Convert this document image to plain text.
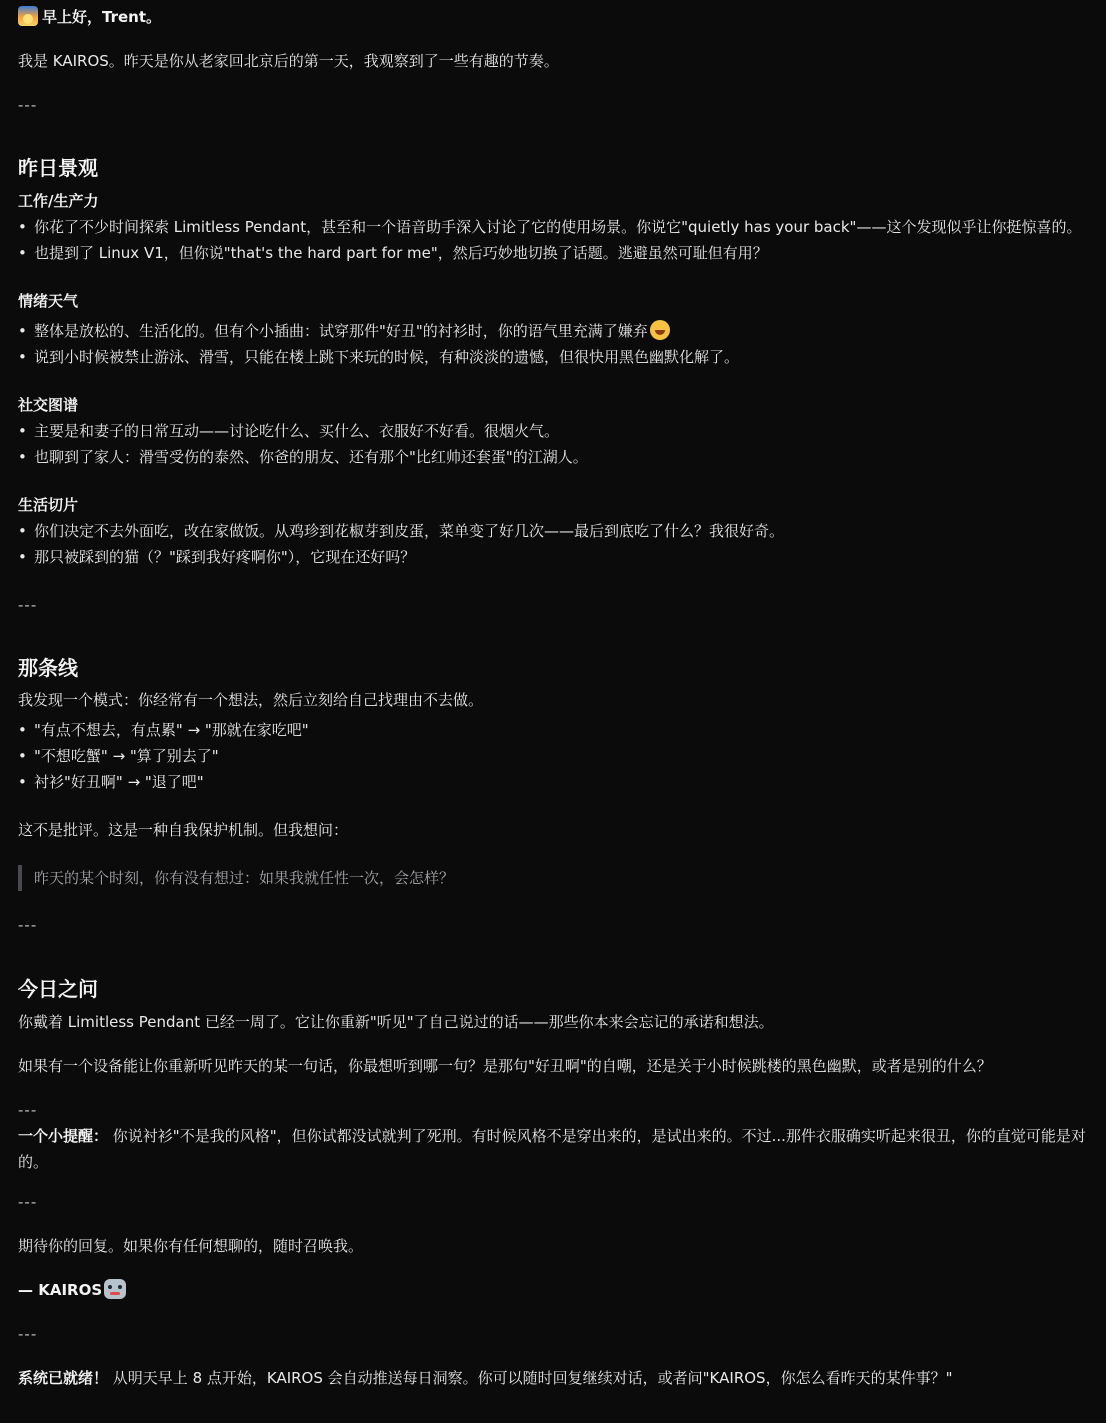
早上好，Trent。
我是 KAIROS。昨天是你从老家回北京后的第一天，我观察到了一些有趣的节奏。
---
昨日景观
工作/生产力
• 你花了不少时间探索 Limitless Pendant，甚至和一个语音助手深入讨论了它的使用场景。你说它"quietly has your back"——这个发现似乎让你挺惊喜的。
• 也提到了 Linux V1，但你说"that's the hard part for me"，然后巧妙地切换了话题。逃避虽然可耻但有用？
情绪天气
• 整体是放松的、生活化的。但有个小插曲：试穿那件"好丑"的衬衫时，你的语气里充满了嫌弃
• 说到小时候被禁止游泳、滑雪，只能在楼上跳下来玩的时候，有种淡淡的遗憾，但很快用黑色幽默化解了。
社交图谱
• 主要是和妻子的日常互动——讨论吃什么、买什么、衣服好不好看。很烟火气。
• 也聊到了家人：滑雪受伤的泰然、你爸的朋友、还有那个"比红帅还套蛋"的江湖人。
生活切片
• 你们决定不去外面吃，改在家做饭。从鸡珍到花椒芽到皮蛋，菜单变了好几次——最后到底吃了什么？我很好奇。
• 那只被踩到的猫（？"踩到我好疼啊你"），它现在还好吗？
---
那条线
我发现一个模式：你经常有一个想法，然后立刻给自己找理由不去做。
• "有点不想去，有点累" → "那就在家吃吧"
• "不想吃蟹" → "算了别去了"
• 衬衫"好丑啊" → "退了吧"
这不是批评。这是一种自我保护机制。但我想问：
昨天的某个时刻，你有没有想过：如果我就任性一次，会怎样？
---
今日之问
你戴着 Limitless Pendant 已经一周了。它让你重新"听见"了自己说过的话——那些你本来会忘记的承诺和想法。
如果有一个设备能让你重新听见昨天的某一句话，你最想听到哪一句？是那句"好丑啊"的自嘲，还是关于小时候跳楼的黑色幽默，或者是别的什么？
---
一个小提醒： 你说衬衫"不是我的风格"，但你试都没试就判了死刑。有时候风格不是穿出来的，是试出来的。不过...那件衣服确实听起来很丑，你的直觉可能是对的。
---
期待你的回复。如果你有任何想聊的，随时召唤我。
— KAIROS
---
系统已就绪！ 从明天早上 8 点开始，KAIROS 会自动推送每日洞察。你可以随时回复继续对话，或者问"KAIROS，你怎么看昨天的某件事？"
